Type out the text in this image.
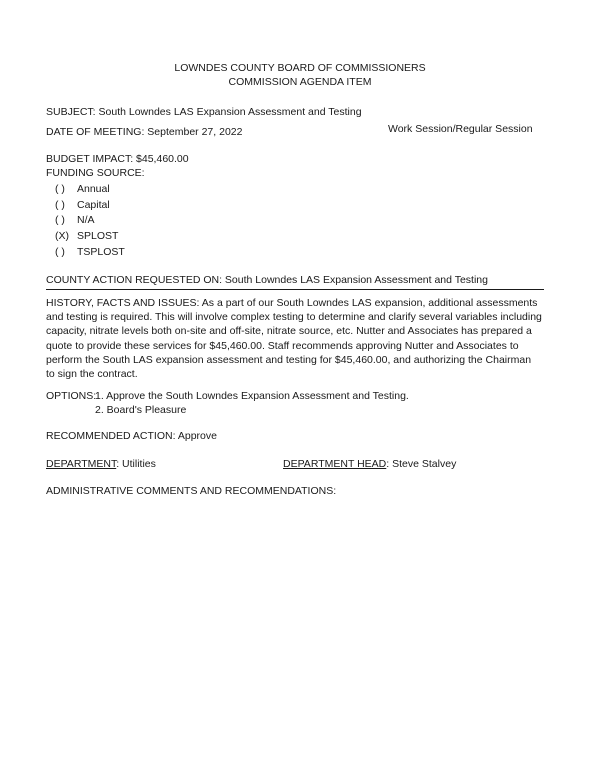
LOWNDES COUNTY BOARD OF COMMISSIONERS
COMMISSION AGENDA ITEM
SUBJECT: South Lowndes LAS Expansion Assessment and Testing
DATE OF MEETING: September 27, 2022	Work Session/Regular Session
BUDGET IMPACT: $45,460.00
FUNDING SOURCE:
( ) Annual
( ) Capital
( ) N/A
(X) SPLOST
( ) TSPLOST
COUNTY ACTION REQUESTED ON: South Lowndes LAS Expansion Assessment and Testing
HISTORY, FACTS AND ISSUES: As a part of our South Lowndes LAS expansion, additional assessments and testing is required. This will involve complex testing to determine and clarify several variables including capacity, nitrate levels both on-site and off-site, nitrate source, etc. Nutter and Associates has prepared a quote to provide these services for $45,460.00. Staff recommends approving Nutter and Associates to perform the South LAS expansion assessment and testing for $45,460.00, and authorizing the Chairman to sign the contract.
OPTIONS:
1. Approve the South Lowndes Expansion Assessment and Testing.
2. Board's Pleasure
RECOMMENDED ACTION: Approve
DEPARTMENT: Utilities	DEPARTMENT HEAD: Steve Stalvey
ADMINISTRATIVE COMMENTS AND RECOMMENDATIONS:
